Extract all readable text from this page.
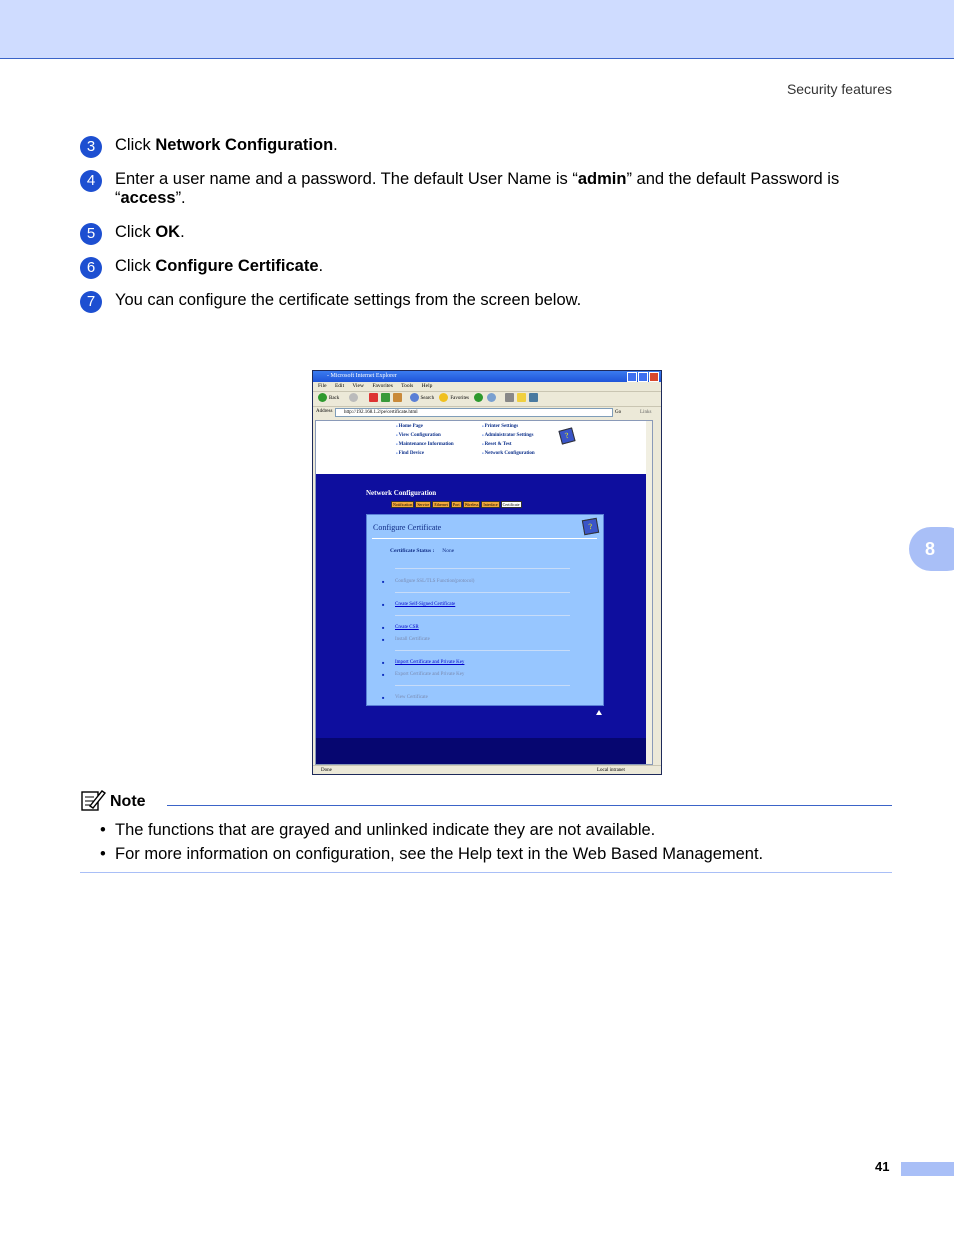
Security features
8
3	Click Network Configuration.
4	Enter a user name and a password. The default User Name is “admin” and the default Password is “access”.
5	Click OK.
6	Click Configure Certificate.
7	You can configure the certificate settings from the screen below.
- Microsoft Internet Explorer
File Edit View Favorites Tools Help
Back	Search	Favorites
Address	http://192.168.1.2/pe/certificate.html	Go	Links
■ Home Page
■ View Configuration
■ Maintenance Information
■ Find Device
■ Printer Settings
■ Administrator Settings
■ Reset & Test
■ Network Configuration
?
Network Configuration
Notification Service Ethernet Port Wireless Interface Certificate
Configure Certificate	?
Certificate Status : None
■ Configure SSL/TLS Function(protocol)
■ Create Self-Signed Certificate
■ Create CSR
■ Install Certificate
■ Import Certificate and Private Key
■ Export Certificate and Private Key
■ View Certificate
Done	Local intranet
Note
• The functions that are grayed and unlinked indicate they are not available.
• For more information on configuration, see the Help text in the Web Based Management.
41
